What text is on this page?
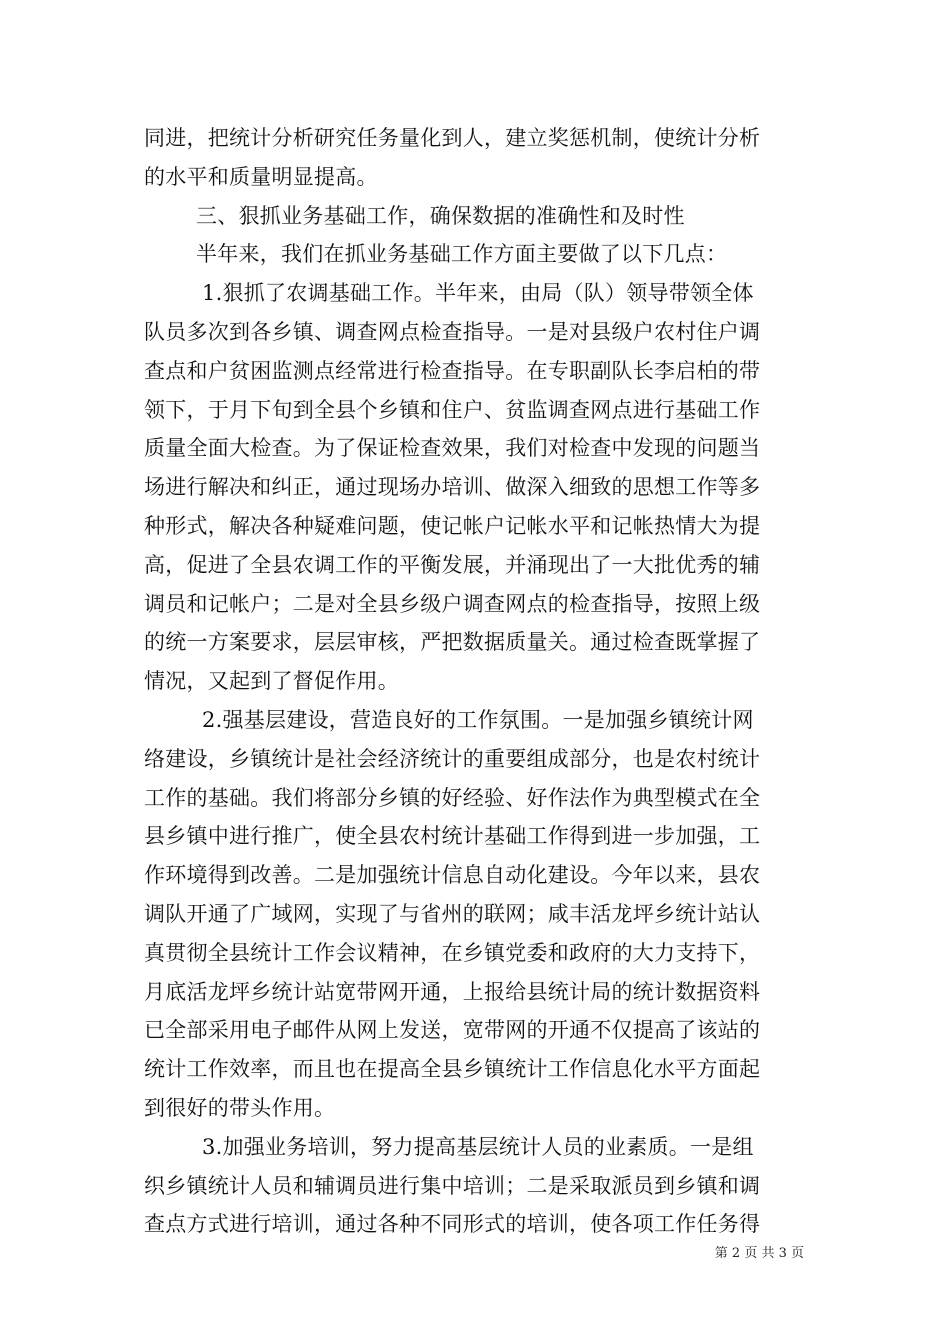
同进，把统计分析研究任务量化到人，建立奖惩机制，使统计分析
的水平和质量明显提高。
三、狠抓业务基础工作，确保数据的准确性和及时性
半年来，我们在抓业务基础工作方面主要做了以下几点：
1.狠抓了农调基础工作。半年来，由局（队）领导带领全体
队员多次到各乡镇、调查网点检查指导。一是对县级户农村住户调
查点和户贫困监测点经常进行检查指导。在专职副队长李启柏的带
领下，于月下旬到全县个乡镇和住户、贫监调查网点进行基础工作
质量全面大检查。为了保证检查效果，我们对检查中发现的问题当
场进行解决和纠正，通过现场办培训、做深入细致的思想工作等多
种形式，解决各种疑难问题，使记帐户记帐水平和记帐热情大为提
高，促进了全县农调工作的平衡发展，并涌现出了一大批优秀的辅
调员和记帐户；二是对全县乡级户调查网点的检查指导，按照上级
的统一方案要求，层层审核，严把数据质量关。通过检查既掌握了
情况，又起到了督促作用。
2.强基层建设，营造良好的工作氛围。一是加强乡镇统计网
络建设，乡镇统计是社会经济统计的重要组成部分，也是农村统计
工作的基础。我们将部分乡镇的好经验、好作法作为典型模式在全
县乡镇中进行推广，使全县农村统计基础工作得到进一步加强，工
作环境得到改善。二是加强统计信息自动化建设。今年以来，县农
调队开通了广域网，实现了与省州的联网；咸丰活龙坪乡统计站认
真贯彻全县统计工作会议精神，在乡镇党委和政府的大力支持下，
月底活龙坪乡统计站宽带网开通，上报给县统计局的统计数据资料
已全部采用电子邮件从网上发送，宽带网的开通不仅提高了该站的
统计工作效率，而且也在提高全县乡镇统计工作信息化水平方面起
到很好的带头作用。
3.加强业务培训，努力提高基层统计人员的业素质。一是组
织乡镇统计人员和辅调员进行集中培训；二是采取派员到乡镇和调
查点方式进行培训，通过各种不同形式的培训，使各项工作任务得
第 2 页 共 3 页
